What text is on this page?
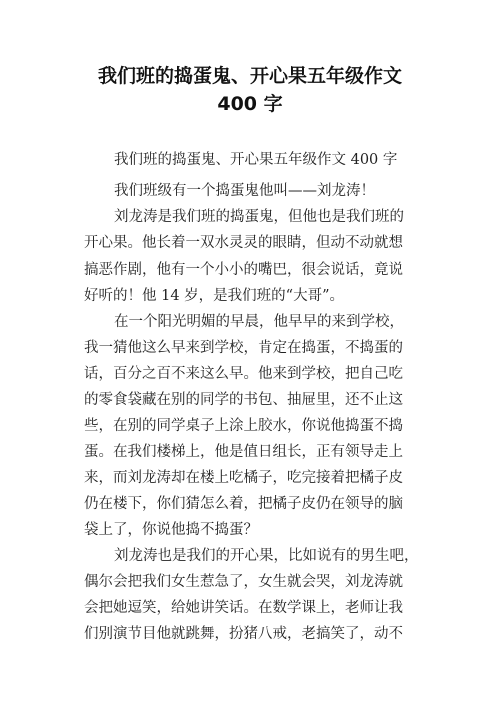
我们班的捣蛋鬼、开心果五年级作文
400 字
我们班的捣蛋鬼、开心果五年级作文 400 字
我们班级有一个捣蛋鬼他叫——刘龙涛！
刘龙涛是我们班的捣蛋鬼，但他也是我们班的
开心果。他长着一双水灵灵的眼睛，但动不动就想
搞恶作剧，他有一个小小的嘴巴，很会说话，竟说
好听的！他 14 岁，是我们班的“大哥”。
在一个阳光明媚的早晨，他早早的来到学校，
我一猜他这么早来到学校，肯定在捣蛋，不捣蛋的
话，百分之百不来这么早。他来到学校，把自己吃
的零食袋藏在别的同学的书包、抽屉里，还不止这
些，在别的同学桌子上涂上胶水，你说他捣蛋不捣
蛋。在我们楼梯上，他是值日组长，正有领导走上
来，而刘龙涛却在楼上吃橘子，吃完接着把橘子皮
仍在楼下，你们猜怎么着，把橘子皮仍在领导的脑
袋上了，你说他捣不捣蛋？
刘龙涛也是我们的开心果，比如说有的男生吧，
偶尔会把我们女生惹急了，女生就会哭，刘龙涛就
会把她逗笑，给她讲笑话。在数学课上，老师让我
们别演节目他就跳舞，扮猪八戒，老搞笑了，动不
